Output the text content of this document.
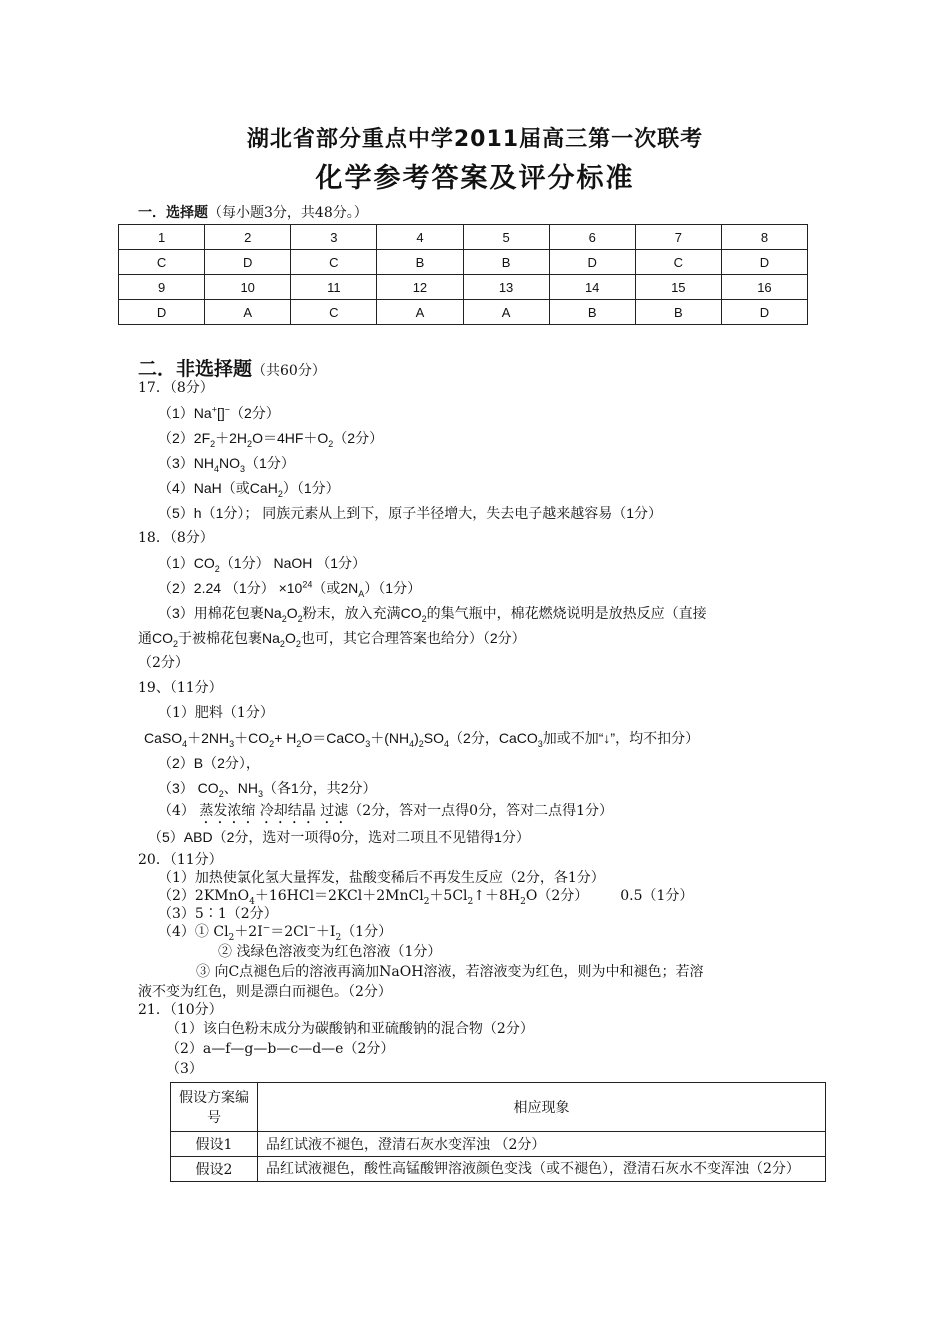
湖北省部分重点中学2011届高三第一次联考
化学参考答案及评分标准
一．选择题（每小题3分，共48分。）
1	2	3	4	5	6	7	8
C	D	C	B	B	D	C	D
9	10	11	12	13	14	15	16
D	A	C	A	A	B	B	D
二．非选择题（共60分）
17．（8分）
（1）Na+[]−（2分）
$(2)2F_2+2H_2O=4HF+O_2(2$分）
$(3)NH_4NO_3(1$分）
（4）NaH（或CaH$_2$）（1分）
（5）h（1分）； 同族元素从上到下，原子半径增大，失去电子越来越容易（1分）
18．（8分）
$(1)CO_2(1$分） NaOH （1分）
（2）2.24 （1分） $\times 10^{24}$（或$2N_A)(1$分）
（3）用棉花包裹$Na_2O_2$粉末，放入充满$CO_2$的集气瓶中，棉花燃烧说明是放热反应（直接
通$CO_2$于被棉花包裹$Na_2O_2$也可，其它合理答案也给分）（2分）
（2分）
19、（11分）
（1）肥料（1分）
$CaSO_4+2NH_3+CO_2+$ $H_2O=CaCO_3+(NH_4)_2SO_4(2$分，CaCO$_3$加或不加“↓”，均不扣分）
（2）B（2分），
（3） $CO_2$、$NH_3$（各1分，共2分）
（4） 蒸发浓缩 冷却结晶 过滤（2分，答对一点得0分，答对二点得1分）
（5）ABD（2分，选对一项得0分，选对二项且不见错得1分）
20．（11分）
（1）加热使氯化氢大量挥发，盐酸变稀后不再发生反应（2分，各1分）
$(2)2KMnO_4+16HCl=2KCl+2MnCl_2+5Cl_2↑+8H_2O(2$分） 0.5（1分）
（3）5∶1（2分）
（4）① $Cl_2+2I^-=2Cl^-+I_2(1$分）
② 浅绿色溶液变为红色溶液（1分）
③ 向C点褪色后的溶液再滴加NaOH溶液，若溶液变为红色，则为中和褪色；若溶
液不变为红色，则是漂白而褪色。（2分）
21．（10分）
（1）该白色粉末成分为碳酸钠和亚硫酸钠的混合物（2分）
（2）a—f—g—b—c—d—e（2分）
（3）
假设方案编号	相应现象
假设1	品红试液不褪色，澄清石灰水变浑浊 （2分）
假设2	品红试液褪色，酸性高锰酸钾溶液颜色变浅（或不褪色），澄清石灰水不变浑浊（2分）
